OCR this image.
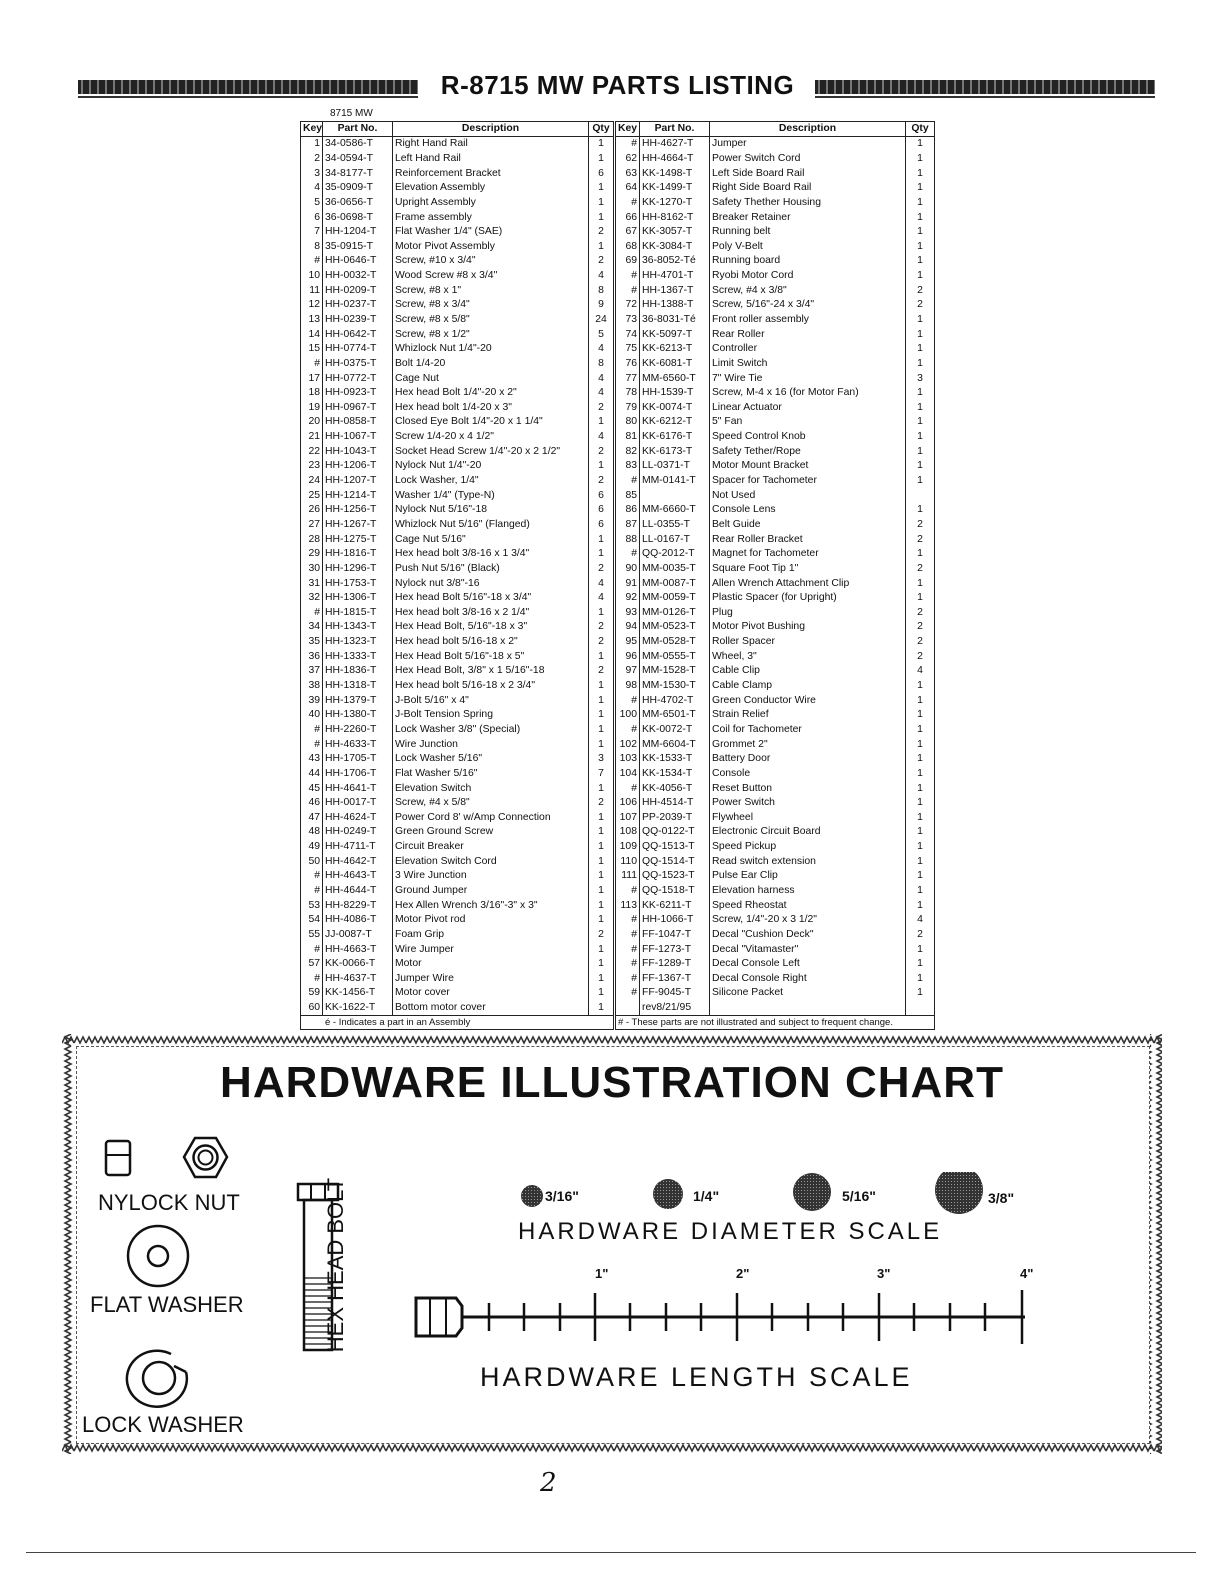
R-8715 MW PARTS LISTING
8715 MW
Key	Part No.	Description	Qty	Key	Part No.	Description	Qty
1	34-0586-T	Right Hand Rail	1	#	HH-4627-T	Jumper	1
2	34-0594-T	Left Hand Rail	1	62	HH-4664-T	Power Switch Cord	1
3	34-8177-T	Reinforcement Bracket	6	63	KK-1498-T	Left Side Board Rail	1
4	35-0909-T	Elevation Assembly	1	64	KK-1499-T	Right Side Board Rail	1
5	36-0656-T	Upright Assembly	1	#	KK-1270-T	Safety Thether Housing	1
6	36-0698-T	Frame assembly	1	66	HH-8162-T	Breaker Retainer	1
7	HH-1204-T	Flat Washer 1/4" (SAE)	2	67	KK-3057-T	Running belt	1
8	35-0915-T	Motor Pivot Assembly	1	68	KK-3084-T	Poly V-Belt	1
#	HH-0646-T	Screw, #10 x 3/4"	2	69	36-8052-Té	Running board	1
10	HH-0032-T	Wood Screw #8 x 3/4"	4	#	HH-4701-T	Ryobi Motor Cord	1
11	HH-0209-T	Screw, #8 x 1"	8	#	HH-1367-T	Screw, #4 x 3/8"	2
12	HH-0237-T	Screw, #8 x 3/4"	9	72	HH-1388-T	Screw, 5/16"-24 x 3/4"	2
13	HH-0239-T	Screw, #8 x 5/8"	24	73	36-8031-Té	Front roller assembly	1
14	HH-0642-T	Screw, #8 x 1/2"	5	74	KK-5097-T	Rear Roller	1
15	HH-0774-T	Whizlock Nut 1/4"-20	4	75	KK-6213-T	Controller	1
#	HH-0375-T	Bolt 1/4-20	8	76	KK-6081-T	Limit Switch	1
17	HH-0772-T	Cage Nut	4	77	MM-6560-T	7" Wire Tie	3
18	HH-0923-T	Hex head Bolt 1/4"-20 x 2"	4	78	HH-1539-T	Screw, M-4 x 16 (for Motor Fan)	1
19	HH-0967-T	Hex head bolt 1/4-20 x 3"	2	79	KK-0074-T	Linear Actuator	1
20	HH-0858-T	Closed Eye Bolt 1/4"-20 x 1 1/4"	1	80	KK-6212-T	5" Fan	1
21	HH-1067-T	Screw 1/4-20 x 4 1/2"	4	81	KK-6176-T	Speed Control Knob	1
22	HH-1043-T	Socket Head Screw 1/4"-20 x 2 1/2"	2	82	KK-6173-T	Safety Tether/Rope	1
23	HH-1206-T	Nylock Nut 1/4"-20	1	83	LL-0371-T	Motor Mount Bracket	1
24	HH-1207-T	Lock Washer, 1/4"	2	#	MM-0141-T	Spacer for Tachometer	1
25	HH-1214-T	Washer 1/4" (Type-N)	6	85		Not Used	
26	HH-1256-T	Nylock Nut 5/16"-18	6	86	MM-6660-T	Console Lens	1
27	HH-1267-T	Whizlock Nut 5/16" (Flanged)	6	87	LL-0355-T	Belt Guide	2
28	HH-1275-T	Cage Nut 5/16"	1	88	LL-0167-T	Rear Roller Bracket	2
29	HH-1816-T	Hex head bolt 3/8-16 x 1 3/4"	1	#	QQ-2012-T	Magnet for Tachometer	1
30	HH-1296-T	Push Nut 5/16" (Black)	2	90	MM-0035-T	Square Foot Tip 1"	2
31	HH-1753-T	Nylock nut 3/8"-16	4	91	MM-0087-T	Allen Wrench Attachment Clip	1
32	HH-1306-T	Hex head Bolt 5/16"-18 x 3/4"	4	92	MM-0059-T	Plastic Spacer (for Upright)	1
#	HH-1815-T	Hex head bolt 3/8-16 x 2 1/4"	1	93	MM-0126-T	Plug	2
34	HH-1343-T	Hex Head Bolt, 5/16"-18 x 3"	2	94	MM-0523-T	Motor Pivot Bushing	2
35	HH-1323-T	Hex head bolt 5/16-18 x 2"	2	95	MM-0528-T	Roller Spacer	2
36	HH-1333-T	Hex Head Bolt 5/16"-18 x 5"	1	96	MM-0555-T	Wheel, 3"	2
37	HH-1836-T	Hex Head Bolt, 3/8" x 1 5/16"-18	2	97	MM-1528-T	Cable Clip	4
38	HH-1318-T	Hex head bolt 5/16-18 x 2 3/4"	1	98	MM-1530-T	Cable Clamp	1
39	HH-1379-T	J-Bolt 5/16" x 4"	1	#	HH-4702-T	Green Conductor Wire	1
40	HH-1380-T	J-Bolt Tension Spring	1	100	MM-6501-T	Strain Relief	1
#	HH-2260-T	Lock Washer 3/8" (Special)	1	#	KK-0072-T	Coil for Tachometer	1
#	HH-4633-T	Wire Junction	1	102	MM-6604-T	Grommet 2"	1
43	HH-1705-T	Lock Washer 5/16"	3	103	KK-1533-T	Battery Door	1
44	HH-1706-T	Flat Washer 5/16"	7	104	KK-1534-T	Console	1
45	HH-4641-T	Elevation Switch	1	#	KK-4056-T	Reset Button	1
46	HH-0017-T	Screw, #4 x 5/8"	2	106	HH-4514-T	Power Switch	1
47	HH-4624-T	Power Cord 8' w/Amp Connection	1	107	PP-2039-T	Flywheel	1
48	HH-0249-T	Green Ground Screw	1	108	QQ-0122-T	Electronic Circuit Board	1
49	HH-4711-T	Circuit Breaker	1	109	QQ-1513-T	Speed Pickup	1
50	HH-4642-T	Elevation Switch Cord	1	110	QQ-1514-T	Read switch extension	1
#	HH-4643-T	3 Wire Junction	1	111	QQ-1523-T	Pulse Ear Clip	1
#	HH-4644-T	Ground Jumper	1	#	QQ-1518-T	Elevation harness	1
53	HH-8229-T	Hex Allen Wrench 3/16"-3" x 3"	1	113	KK-6211-T	Speed Rheostat	1
54	HH-4086-T	Motor Pivot rod	1	#	HH-1066-T	Screw, 1/4"-20 x 3 1/2"	4
55	JJ-0087-T	Foam Grip	2	#	FF-1047-T	Decal "Cushion Deck"	2
#	HH-4663-T	Wire Jumper	1	#	FF-1273-T	Decal "Vitamaster"	1
57	KK-0066-T	Motor	1	#	FF-1289-T	Decal Console Left	1
#	HH-4637-T	Jumper Wire	1	#	FF-1367-T	Decal Console Right	1
59	KK-1456-T	Motor cover	1	#	FF-9045-T	Silicone Packet	1
60	KK-1622-T	Bottom motor cover	1		rev8/21/95		
é - Indicates a part in an Assembly				# - These parts are not illustrated and subject to frequent change.			
HARDWARE ILLUSTRATION CHART
NYLOCK NUT
FLAT WASHER
LOCK WASHER
HEX HEAD BOLT	3/16"	1/4"	5/16"	3/8"
HARDWARE DIAMETER SCALE
1"	2"	3"	4"
HARDWARE LENGTH SCALE
2
